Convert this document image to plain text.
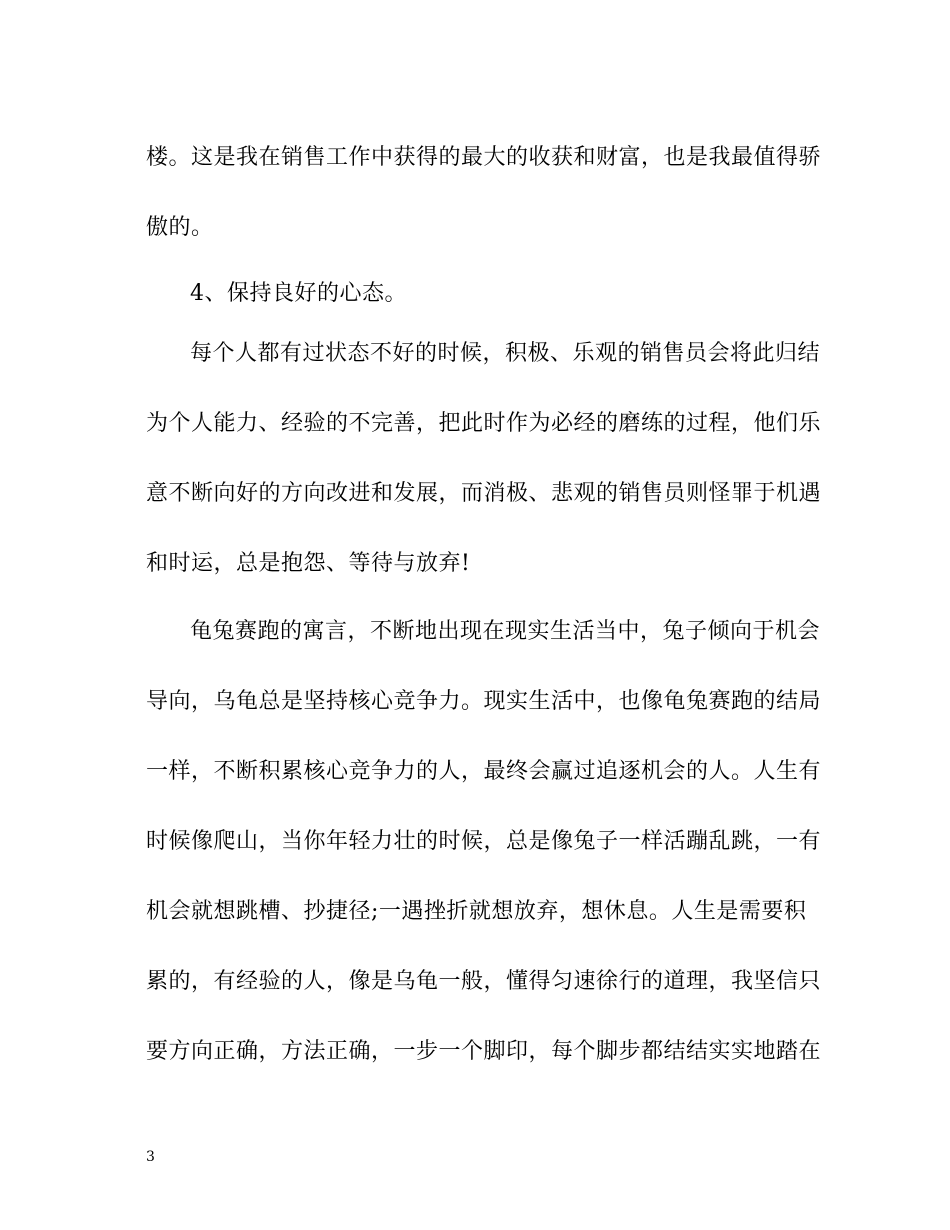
楼。这是我在销售工作中获得的最大的收获和财富，也是我最值得骄
傲的。
4、保持良好的心态。
每个人都有过状态不好的时候，积极、乐观的销售员会将此归结
为个人能力、经验的不完善，把此时作为必经的磨练的过程，他们乐
意不断向好的方向改进和发展，而消极、悲观的销售员则怪罪于机遇
和时运，总是抱怨、等待与放弃!
龟兔赛跑的寓言，不断地出现在现实生活当中，兔子倾向于机会
导向，乌龟总是坚持核心竞争力。现实生活中，也像龟兔赛跑的结局
一样，不断积累核心竞争力的人，最终会赢过追逐机会的人。人生有
时候像爬山，当你年轻力壮的时候，总是像兔子一样活蹦乱跳，一有
机会就想跳槽、抄捷径;一遇挫折就想放弃，想休息。人生是需要积
累的，有经验的人，像是乌龟一般，懂得匀速徐行的道理，我坚信只
要方向正确，方法正确，一步一个脚印，每个脚步都结结实实地踏在
3
